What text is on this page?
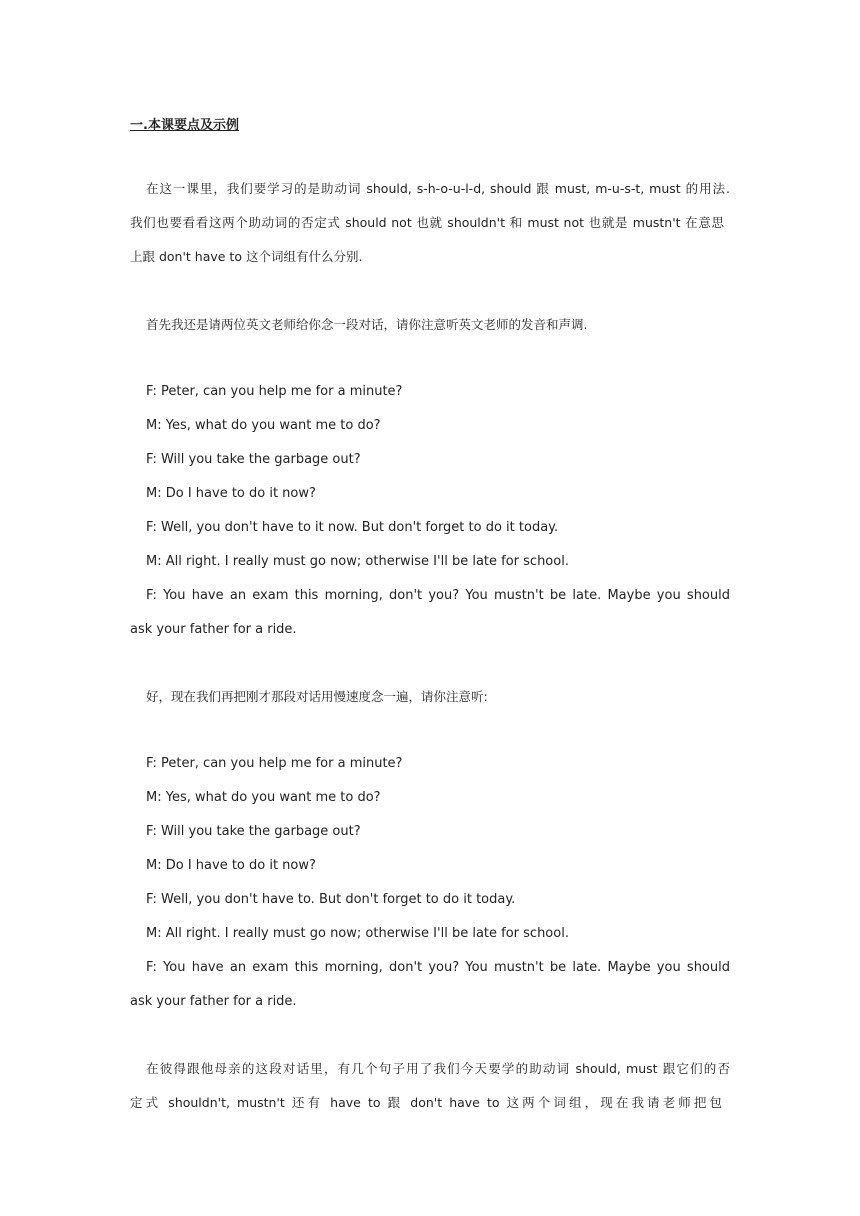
一.本课要点及示例
在这一课里，我们要学习的是助动词 should, s-h-o-u-l-d, should 跟 must, m-u-s-t, must 的用法.
我们也要看看这两个助动词的否定式 should not 也就 shouldn't 和 must not 也就是 mustn't 在意思
上跟 don't have to 这个词组有什么分别.
首先我还是请两位英文老师给你念一段对话，请你注意听英文老师的发音和声调.
F: Peter, can you help me for a minute?
M: Yes, what do you want me to do?
F: Will you take the garbage out?
M: Do I have to do it now?
F: Well, you don't have to it now. But don't forget to do it today.
M: All right. I really must go now; otherwise I'll be late for school.
F: You have an exam this morning, don't you? You mustn't be late. Maybe you should
ask your father for a ride.
好，现在我们再把刚才那段对话用慢速度念一遍，请你注意听:
F: Peter, can you help me for a minute?
M: Yes, what do you want me to do?
F: Will you take the garbage out?
M: Do I have to do it now?
F: Well, you don't have to. But don't forget to do it today.
M: All right. I really must go now; otherwise I'll be late for school.
F: You have an exam this morning, don't you? You mustn't be late. Maybe you should
ask your father for a ride.
在彼得跟他母亲的这段对话里，有几个句子用了我们今天要学的助动词 should, must 跟它们的否
定式 shouldn't, mustn't 还有 have to 跟 don't have to 这两个词组，现在我请老师把包
